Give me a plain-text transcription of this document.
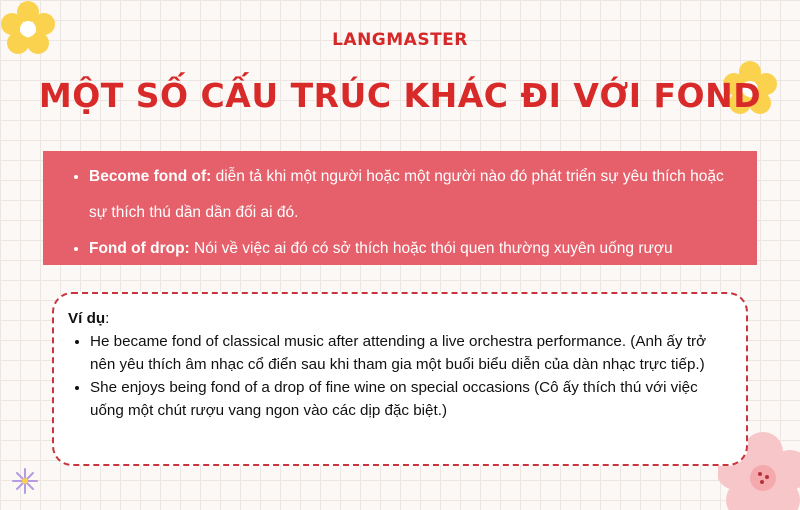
LANGMASTER
MỘT SỐ CẤU TRÚC KHÁC ĐI VỚI FOND
• Become fond of: diễn tả khi một người hoặc một người nào đó phát triển sự yêu thích hoặc sự thích thú dần dần đối ai đó.
• Fond of drop: Nói về việc ai đó có sở thích hoặc thói quen thường xuyên uống rượu
Ví dụ:
• He became fond of classical music after attending a live orchestra performance. (Anh ấy trở nên yêu thích âm nhạc cổ điển sau khi tham gia một buổi biểu diễn của dàn nhạc trực tiếp.)
• She enjoys being fond of a drop of fine wine on special occasions (Cô ấy thích thú với việc uống một chút rượu vang ngon vào các dịp đặc biệt.)
